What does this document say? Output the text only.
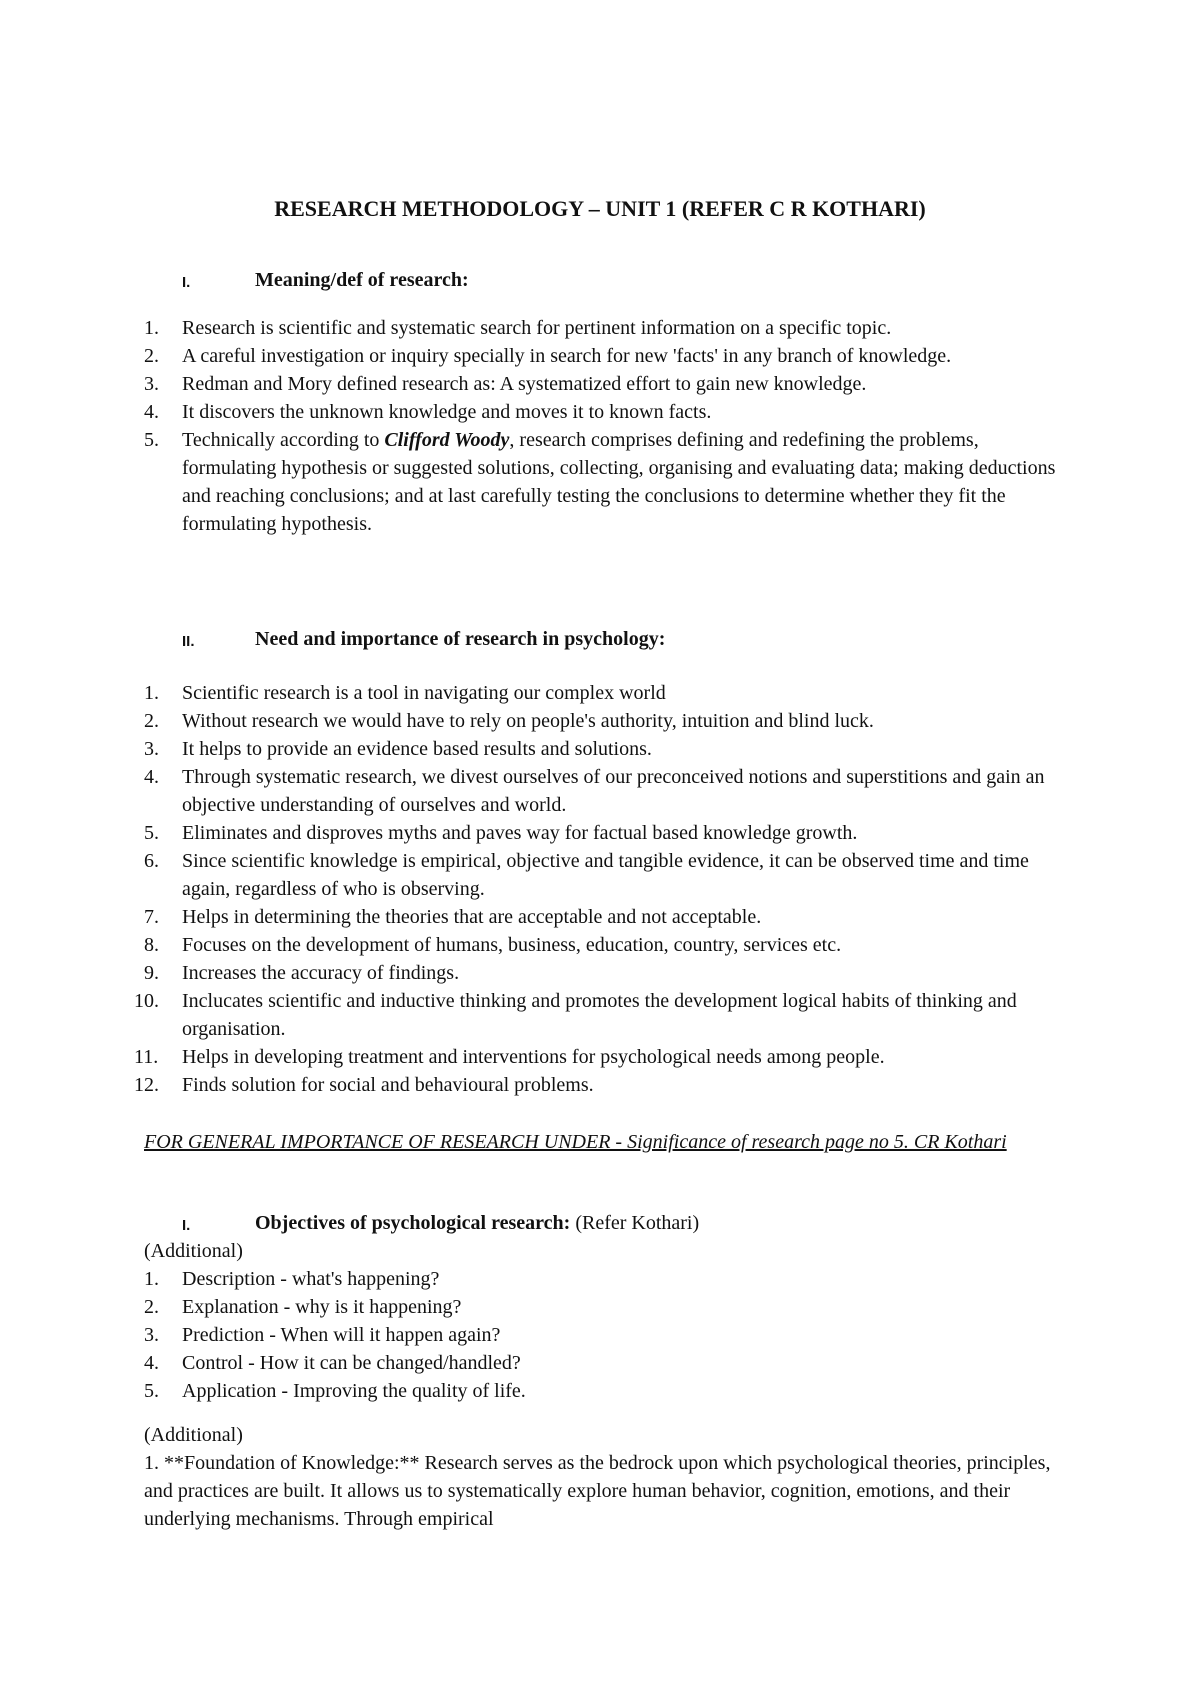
RESEARCH METHODOLOGY – UNIT 1 (REFER C R KOTHARI)
I.	Meaning/def of research:
1. Research is scientific and systematic search for pertinent information on a specific topic.
2. A careful investigation or inquiry specially in search for new 'facts' in any branch of knowledge.
3. Redman and Mory defined research as: A systematized effort to gain new knowledge.
4. It discovers the unknown knowledge and moves it to known facts.
5. Technically according to Clifford Woody, research comprises defining and redefining the problems, formulating hypothesis or suggested solutions, collecting, organising and evaluating data; making deductions and reaching conclusions; and at last carefully testing the conclusions to determine whether they fit the formulating hypothesis.
II.	Need and importance of research in psychology:
1. Scientific research is a tool in navigating our complex world
2. Without research we would have to rely on people's authority, intuition and blind luck.
3. It helps to provide an evidence based results and solutions.
4. Through systematic research, we divest ourselves of our preconceived notions and superstitions and gain an objective understanding of ourselves and world.
5. Eliminates and disproves myths and paves way for factual based knowledge growth.
6. Since scientific knowledge is empirical, objective and tangible evidence, it can be observed time and time again, regardless of who is observing.
7. Helps in determining the theories that are acceptable and not acceptable.
8. Focuses on the development of humans, business, education, country, services etc.
9. Increases the accuracy of findings.
10. Inclucates scientific and inductive thinking and promotes the development logical habits of thinking and organisation.
11. Helps in developing treatment and interventions for psychological needs among people.
12. Finds solution for social and behavioural problems.
FOR GENERAL IMPORTANCE OF RESEARCH UNDER - Significance of research page no 5. CR Kothari
I.	Objectives of psychological research: (Refer Kothari)
(Additional)
1. Description - what's happening?
2. Explanation - why is it happening?
3. Prediction - When will it happen again?
4. Control - How it can be changed/handled?
5. Application - Improving the quality of life.
(Additional)
1. **Foundation of Knowledge:** Research serves as the bedrock upon which psychological theories, principles, and practices are built. It allows us to systematically explore human behavior, cognition, emotions, and their underlying mechanisms. Through empirical
